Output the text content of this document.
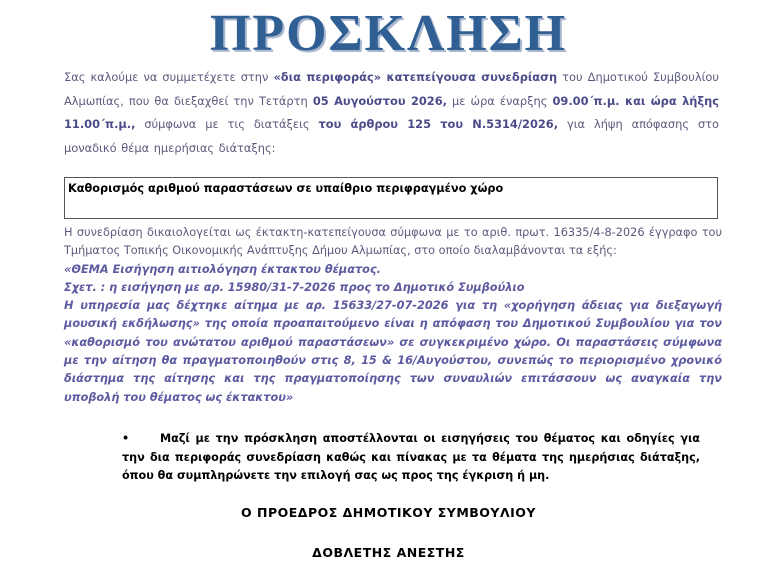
ΠΡΟΣΚΛΗΣΗ
Σας καλούμε να συμμετέχετε στην «δια περιφοράς» κατεπείγουσα συνεδρίαση του Δημοτικού Συμβουλίου Αλμωπίας, που θα διεξαχθεί την Τετάρτη 05 Αυγούστου 2026, με ώρα έναρξης 09.00΄π.μ. και ώρα λήξης 11.00΄π.μ., σύμφωνα με τις διατάξεις του άρθρου 125 του Ν.5314/2026, για λήψη απόφασης στο μοναδικό θέμα ημερήσιας διάταξης:
Καθορισμός αριθμού παραστάσεων σε υπαίθριο περιφραγμένο χώρο
Η συνεδρίαση δικαιολογείται ως έκτακτη-κατεπείγουσα σύμφωνα με το αριθ. πρωτ. 16335/4-8-2026 έγγραφο του Τμήματος Τοπικής Οικονομικής Ανάπτυξης Δήμου Αλμωπίας, στο οποίο διαλαμβάνονται τα εξής:
«ΘΕΜΑ Εισήγηση αιτιολόγηση έκτακτου θέματος.
Σχετ. : η εισήγηση με αρ. 15980/31-7-2026 προς το Δημοτικό Συμβούλιο
Η υπηρεσία μας δέχτηκε αίτημα με αρ. 15633/27-07-2026 για τη «χορήγηση άδειας για διεξαγωγή μουσική εκδήλωσης» της οποία προαπαιτούμενο είναι η απόφαση του Δημοτικού Συμβουλίου για τον «καθορισμό του ανώτατου αριθμού παραστάσεων» σε συγκεκριμένο χώρο. Οι παραστάσεις σύμφωνα με την αίτηση θα πραγματοποιηθούν στις 8, 15 & 16/Αυγούστου, συνεπώς το περιορισμένο χρονικό διάστημα της αίτησης και της πραγματοποίησης των συναυλιών επιτάσσουν ως αναγκαία την υποβολή του θέματος ως έκτακτου»
•	Μαζί με την πρόσκληση αποστέλλονται οι εισηγήσεις του θέματος και οδηγίες για την δια περιφοράς συνεδρίαση καθώς και πίνακας με τα θέματα της ημερήσιας διάταξης, όπου θα συμπληρώνετε την επιλογή σας ως προς της έγκριση ή μη.
Ο ΠΡΟΕΔΡΟΣ ΔΗΜΟΤΙΚΟΥ ΣΥΜΒΟΥΛΙΟΥ
ΔΟΒΛΕΤΗΣ ΑΝΕΣΤΗΣ
